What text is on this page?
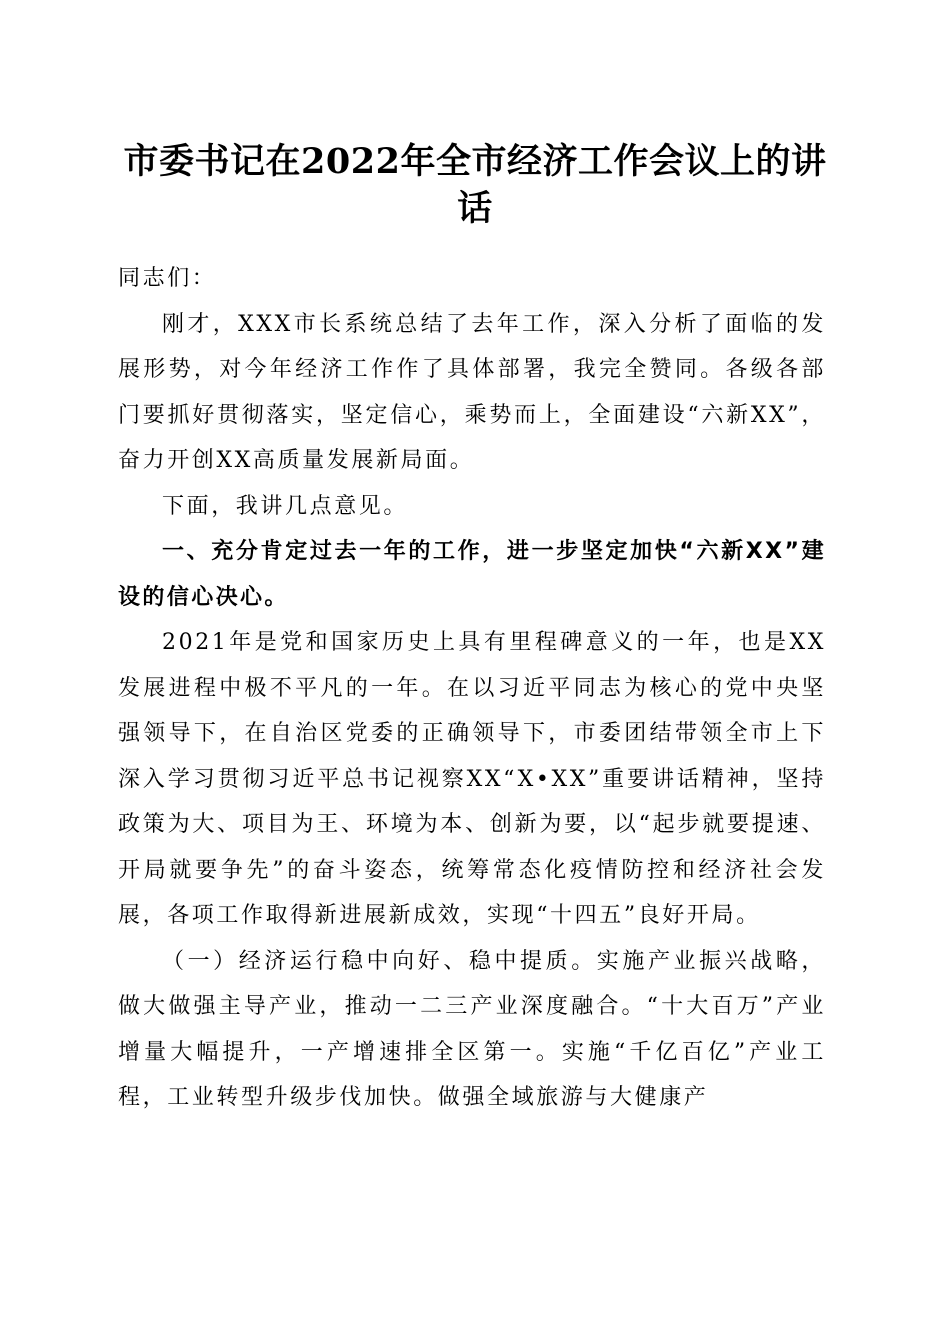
市委书记在2022年全市经济工作会议上的讲话

同志们：

刚才，XXX市长系统总结了去年工作，深入分析了面临的发展形势，对今年经济工作作了具体部署，我完全赞同。各级各部门要抓好贯彻落实，坚定信心，乘势而上，全面建设“六新XX”，奋力开创XX高质量发展新局面。

下面，我讲几点意见。

一、充分肯定过去一年的工作，进一步坚定加快“六新XX”建设的信心决心。

2021年是党和国家历史上具有里程碑意义的一年，也是XX发展进程中极不平凡的一年。在以习近平同志为核心的党中央坚强领导下，在自治区党委的正确领导下，市委团结带领全市上下深入学习贯彻习近平总书记视察XX“X•XX”重要讲话精神，坚持政策为大、项目为王、环境为本、创新为要，以“起步就要提速、开局就要争先”的奋斗姿态，统筹常态化疫情防控和经济社会发展，各项工作取得新进展新成效，实现“十四五”良好开局。

（一）经济运行稳中向好、稳中提质。实施产业振兴战略，做大做强主导产业，推动一二三产业深度融合。“十大百万”产业增量大幅提升，一产增速排全区第一。实施“千亿百亿”产业工程，工业转型升级步伐加快。做强全域旅游与大健康产
